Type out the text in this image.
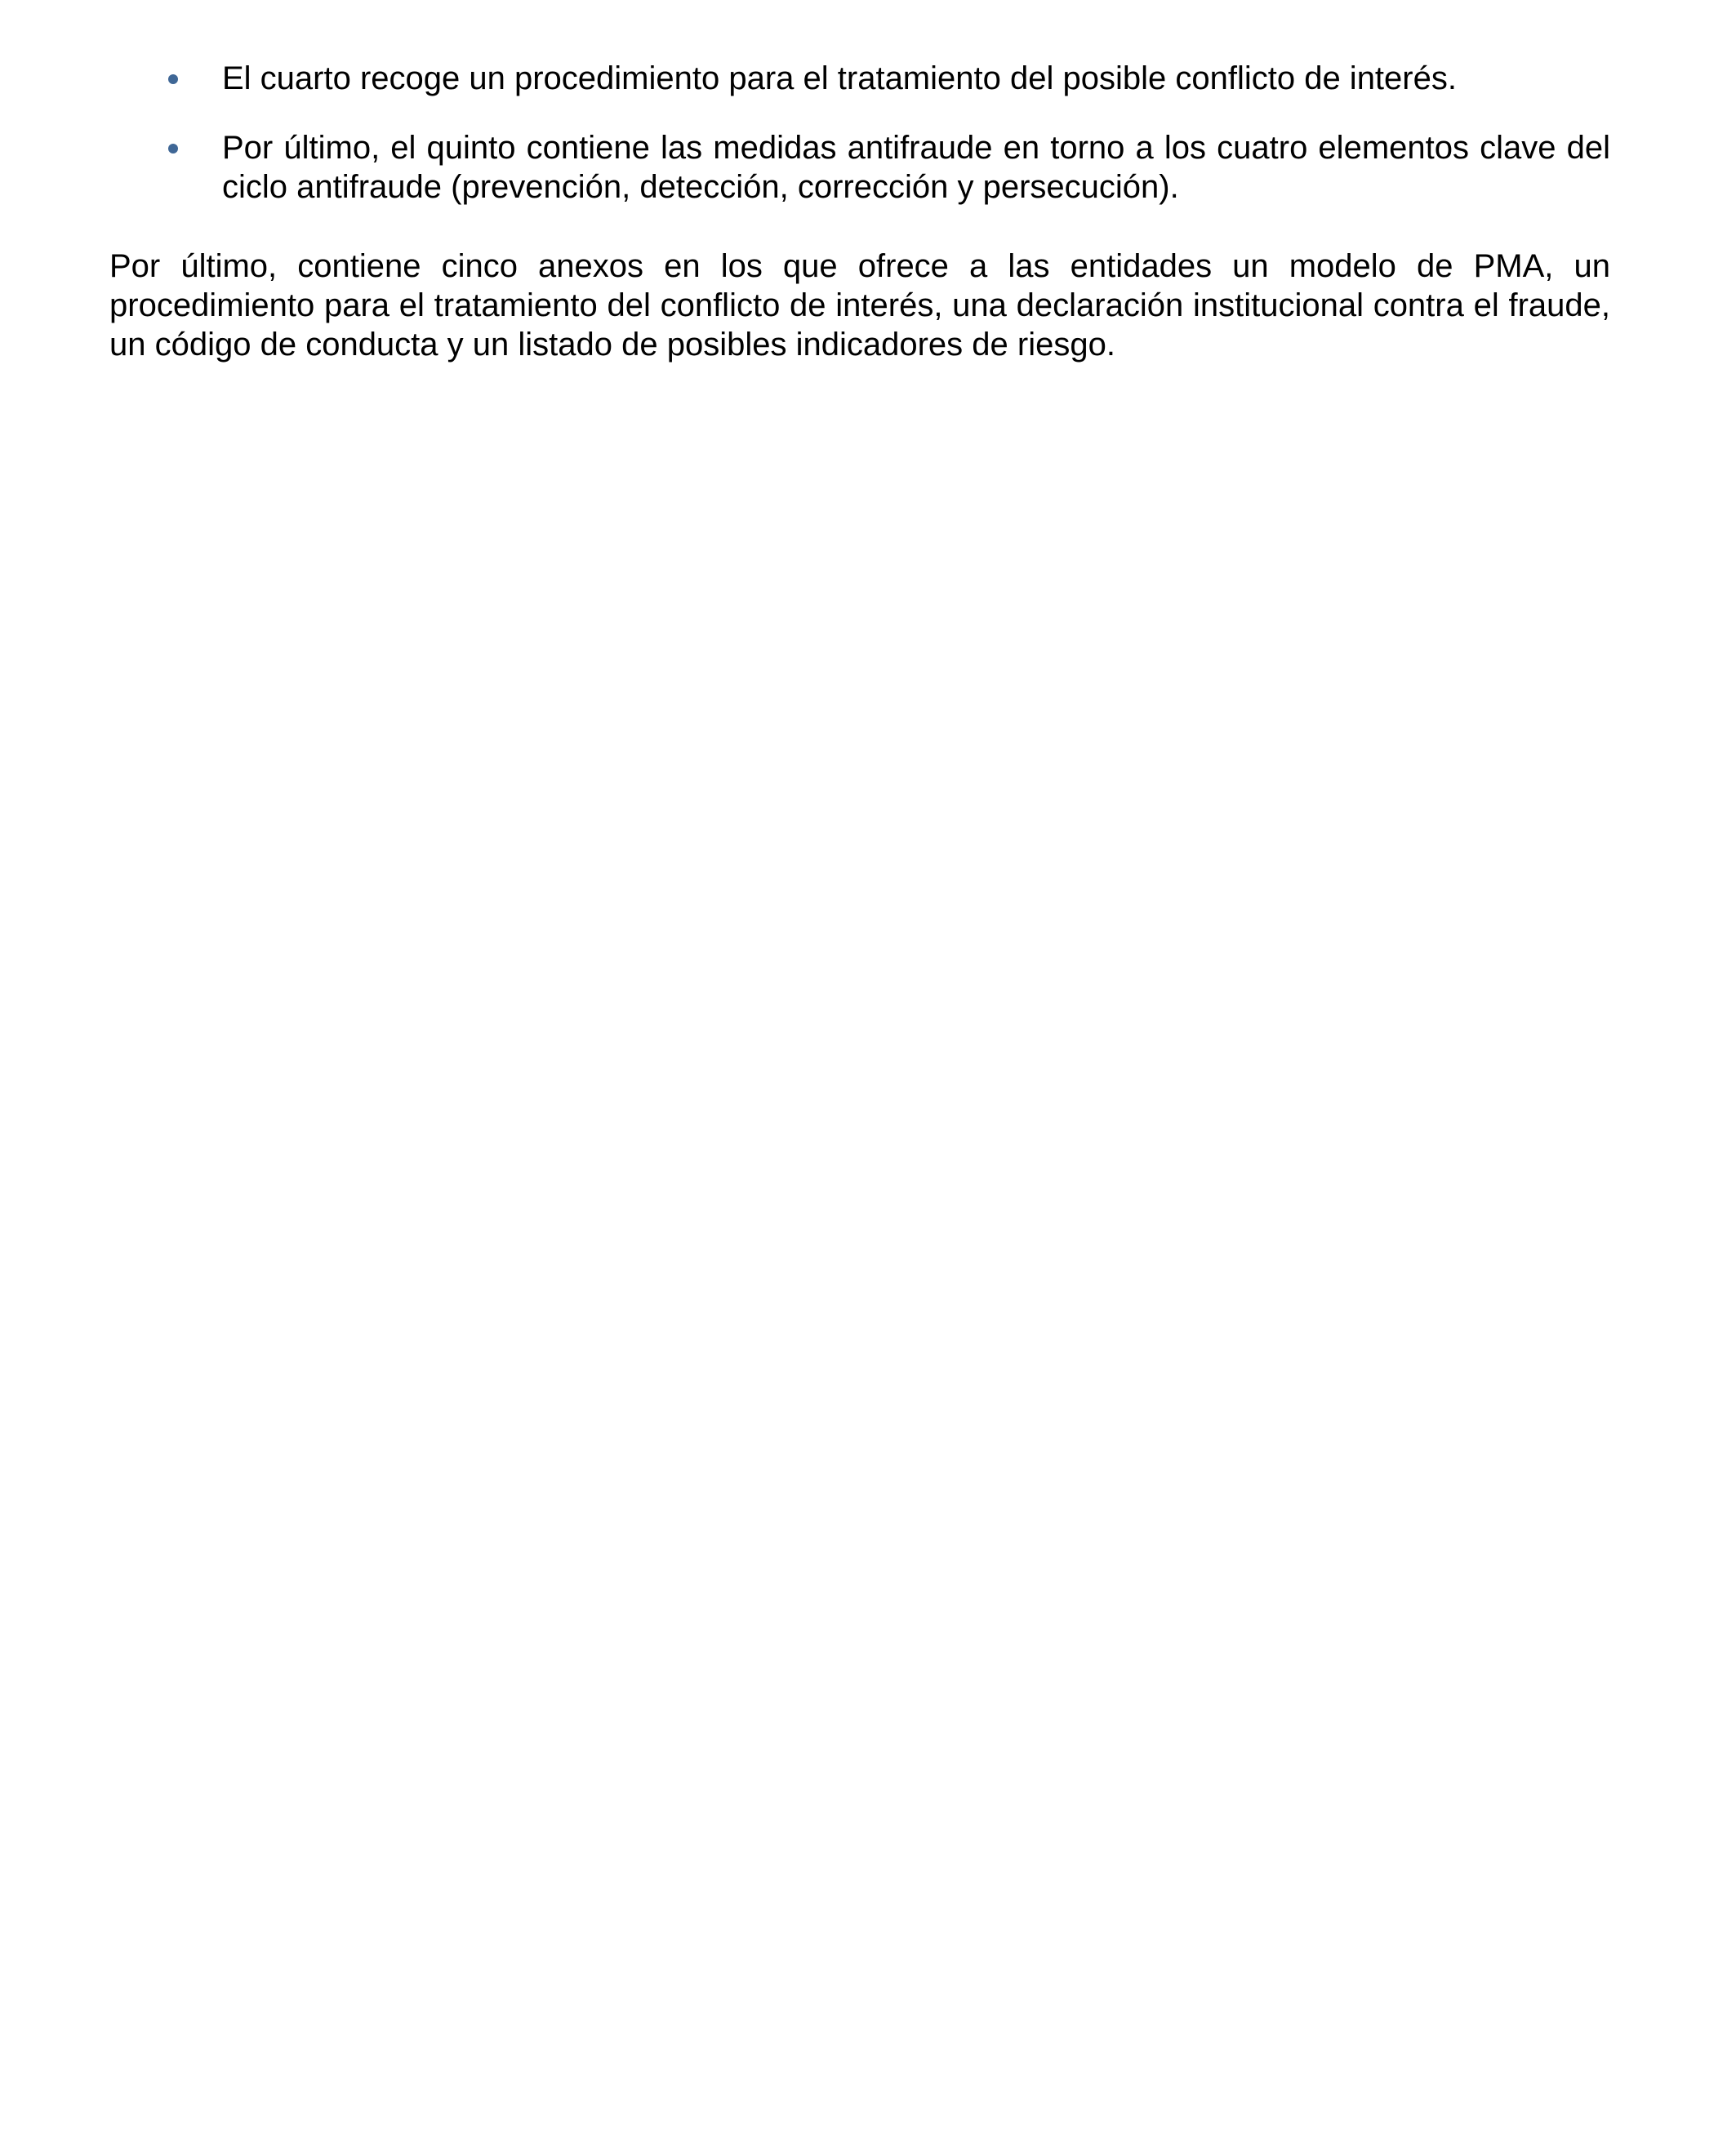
El cuarto recoge un procedimiento para el tratamiento del posible conflicto de interés.
Por último, el quinto contiene las medidas antifraude en torno a los cuatro elementos clave del ciclo antifraude (prevención, detección, corrección y persecución).

Por último, contiene cinco anexos en los que ofrece a las entidades un modelo de PMA, un procedimiento para el tratamiento del conflicto de interés, una declaración institucional contra el fraude, un código de conducta y un listado de posibles indicadores de riesgo.
